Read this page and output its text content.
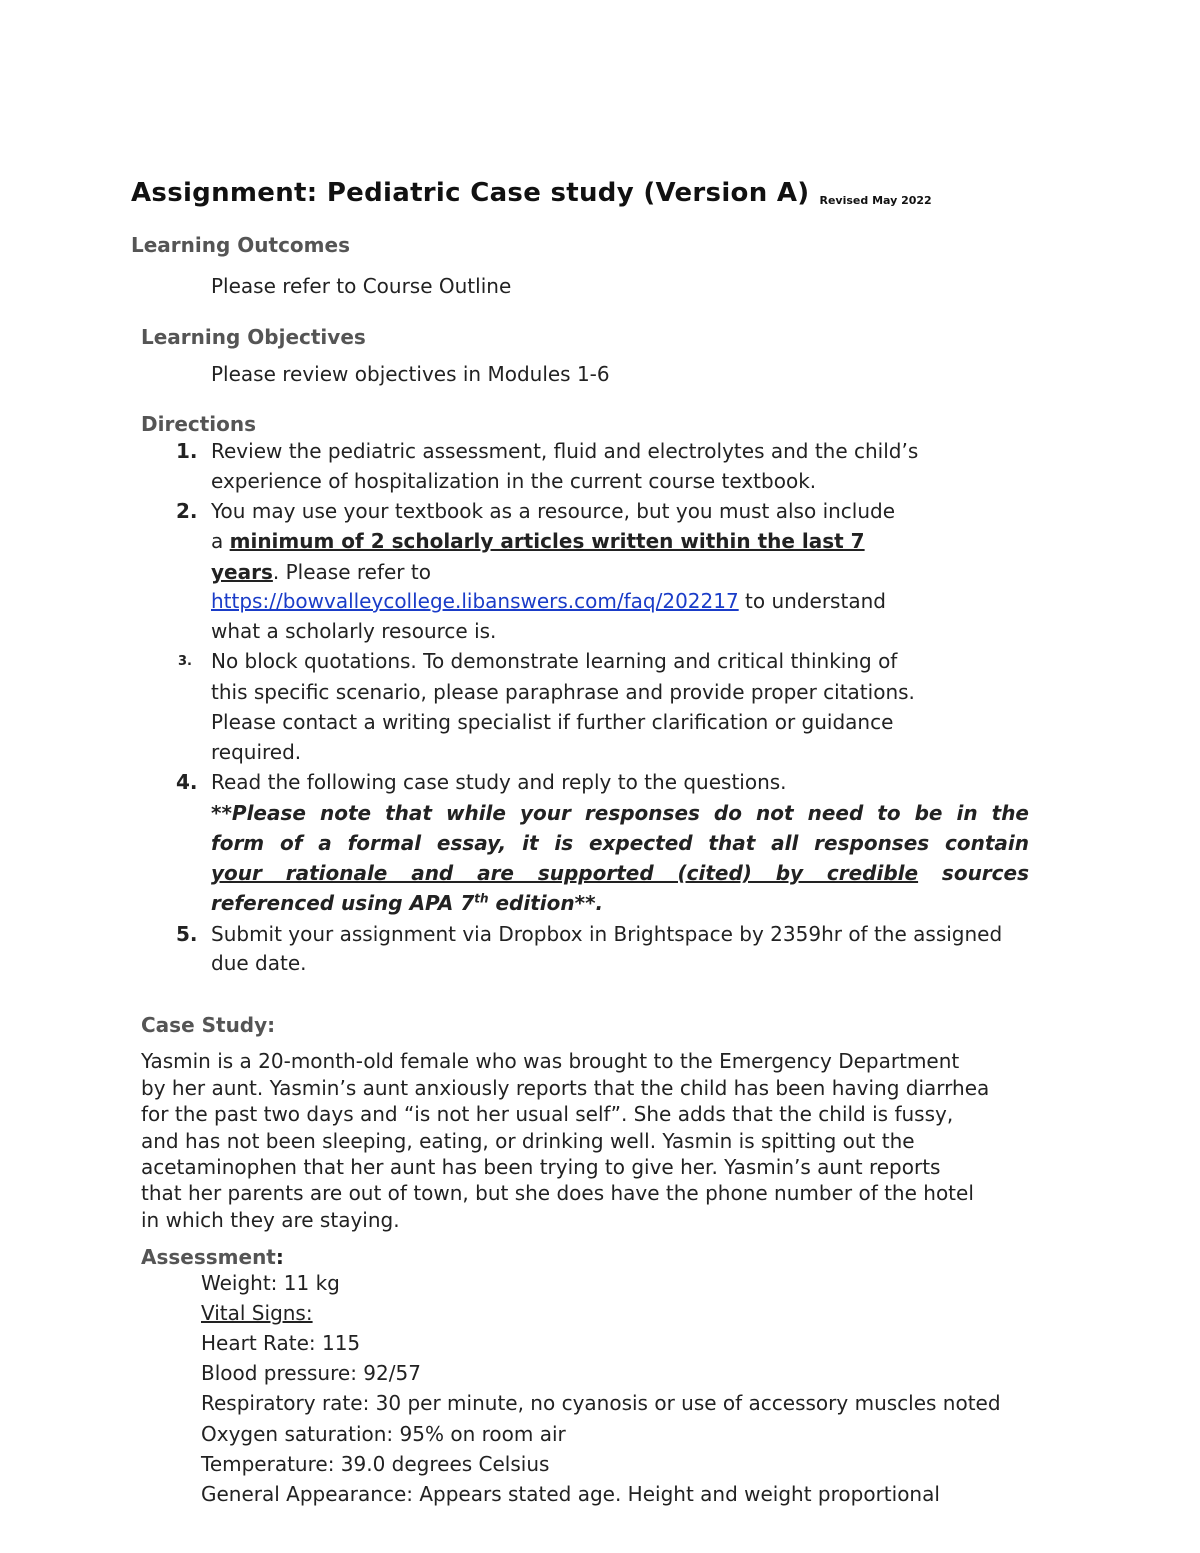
Assignment: Pediatric Case study (Version A) Revised May 2022
Learning Outcomes
Please refer to Course Outline
Learning Objectives
Please review objectives in Modules 1-6
Directions
1. Review the pediatric assessment, fluid and electrolytes and the child’s
experience of hospitalization in the current course textbook.
2. You may use your textbook as a resource, but you must also include
a minimum of 2 scholarly articles written within the last 7
years. Please refer to
https://bowvalleycollege.libanswers.com/faq/202217 to understand
what a scholarly resource is.
3. No block quotations. To demonstrate learning and critical thinking of
this specific scenario, please paraphrase and provide proper citations.
Please contact a writing specialist if further clarification or guidance
required.
4. Read the following case study and reply to the questions.
**Please note that while your responses do not need to be in the
form of a formal essay, it is expected that all responses contain
your rationale and are supported (cited) by credible sources
referenced using APA 7th edition**.
5. Submit your assignment via Dropbox in Brightspace by 2359hr of the assigned
due date.
Case Study:
Yasmin is a 20-month-old female who was brought to the Emergency Department
by her aunt. Yasmin’s aunt anxiously reports that the child has been having diarrhea
for the past two days and “is not her usual self”. She adds that the child is fussy,
and has not been sleeping, eating, or drinking well. Yasmin is spitting out the
acetaminophen that her aunt has been trying to give her. Yasmin’s aunt reports
that her parents are out of town, but she does have the phone number of the hotel
in which they are staying.
Assessment:
Weight: 11 kg
Vital Signs:
Heart Rate: 115
Blood pressure: 92/57
Respiratory rate: 30 per minute, no cyanosis or use of accessory muscles noted
Oxygen saturation: 95% on room air
Temperature: 39.0 degrees Celsius
General Appearance: Appears stated age. Height and weight proportional
